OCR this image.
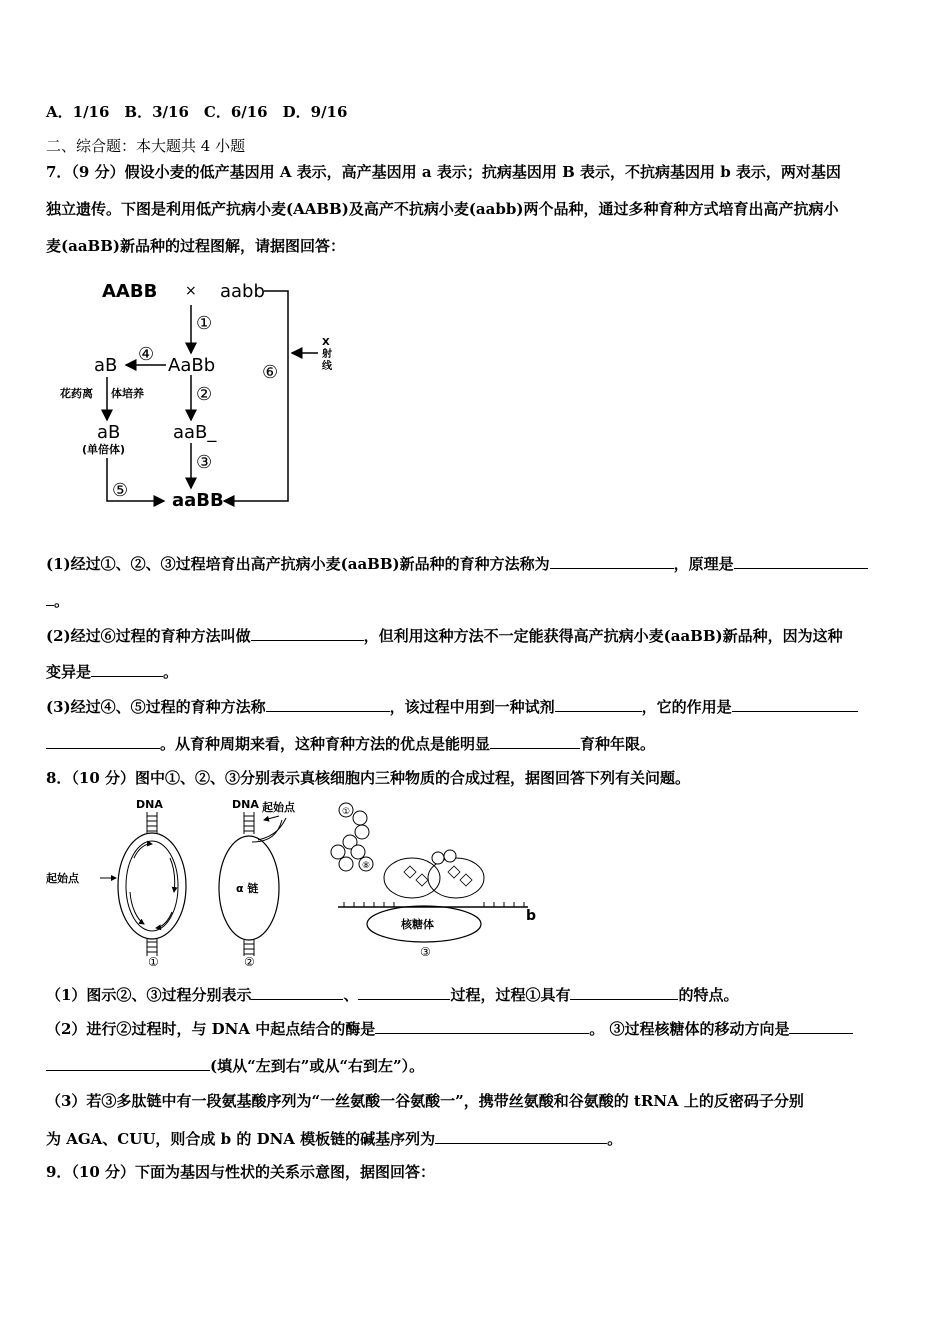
A．1/16　B．3/16　C．6/16　D．9/16
二、综合题：本大题共 4 小题
7．（9 分）假设小麦的低产基因用 A 表示，高产基因用 a 表示；抗病基因用 B 表示，不抗病基因用 b 表示，两对基因
独立遗传。下图是利用低产抗病小麦(AABB)及高产不抗病小麦(aabb)两个品种，通过多种育种方式培育出高产抗病小
麦(aaBB)新品种的过程图解，请据图回答：
AABB × aabb
①
AaBb
④
aB
花药离 体培养
aB
(单倍体)
②
aaB_
③
aaBB
⑤
⑥
X
射
线
(1)经过①、②、③过程培育出高产抗病小麦(aaBB)新品种的育种方法称为	，原理是
。
(2)经过⑥过程的育种方法叫做	，但利用这种方法不一定能获得高产抗病小麦(aaBB)新品种，因为这种
变异是	。
(3)经过④、⑤过程的育种方法称	，该过程中用到一种试剂	，它的作用是
。从育种周期来看，这种育种方法的优点是能明显	育种年限。
8．（10 分）图中①、②、③分别表示真核细胞内三种物质的合成过程，据图回答下列有关问题。
DNA
起始点
①
DNA 起始点
α 链
②
①
⑧
核糖体
b
③
（1）图示②、③过程分别表示	、	过程，过程①具有	的特点。
（2）进行②过程时，与 DNA 中起点结合的酶是	。 ③过程核糖体的移动方向是
(填从“左到右”或从“右到左”）。
（3）若③多肽链中有一段氨基酸序列为“一丝氨酸一谷氨酸一”，携带丝氨酸和谷氨酸的 tRNA 上的反密码子分别
为 AGA、CUU，则合成 b 的 DNA 模板链的碱基序列为	。
9．（10 分）下面为基因与性状的关系示意图，据图回答：
